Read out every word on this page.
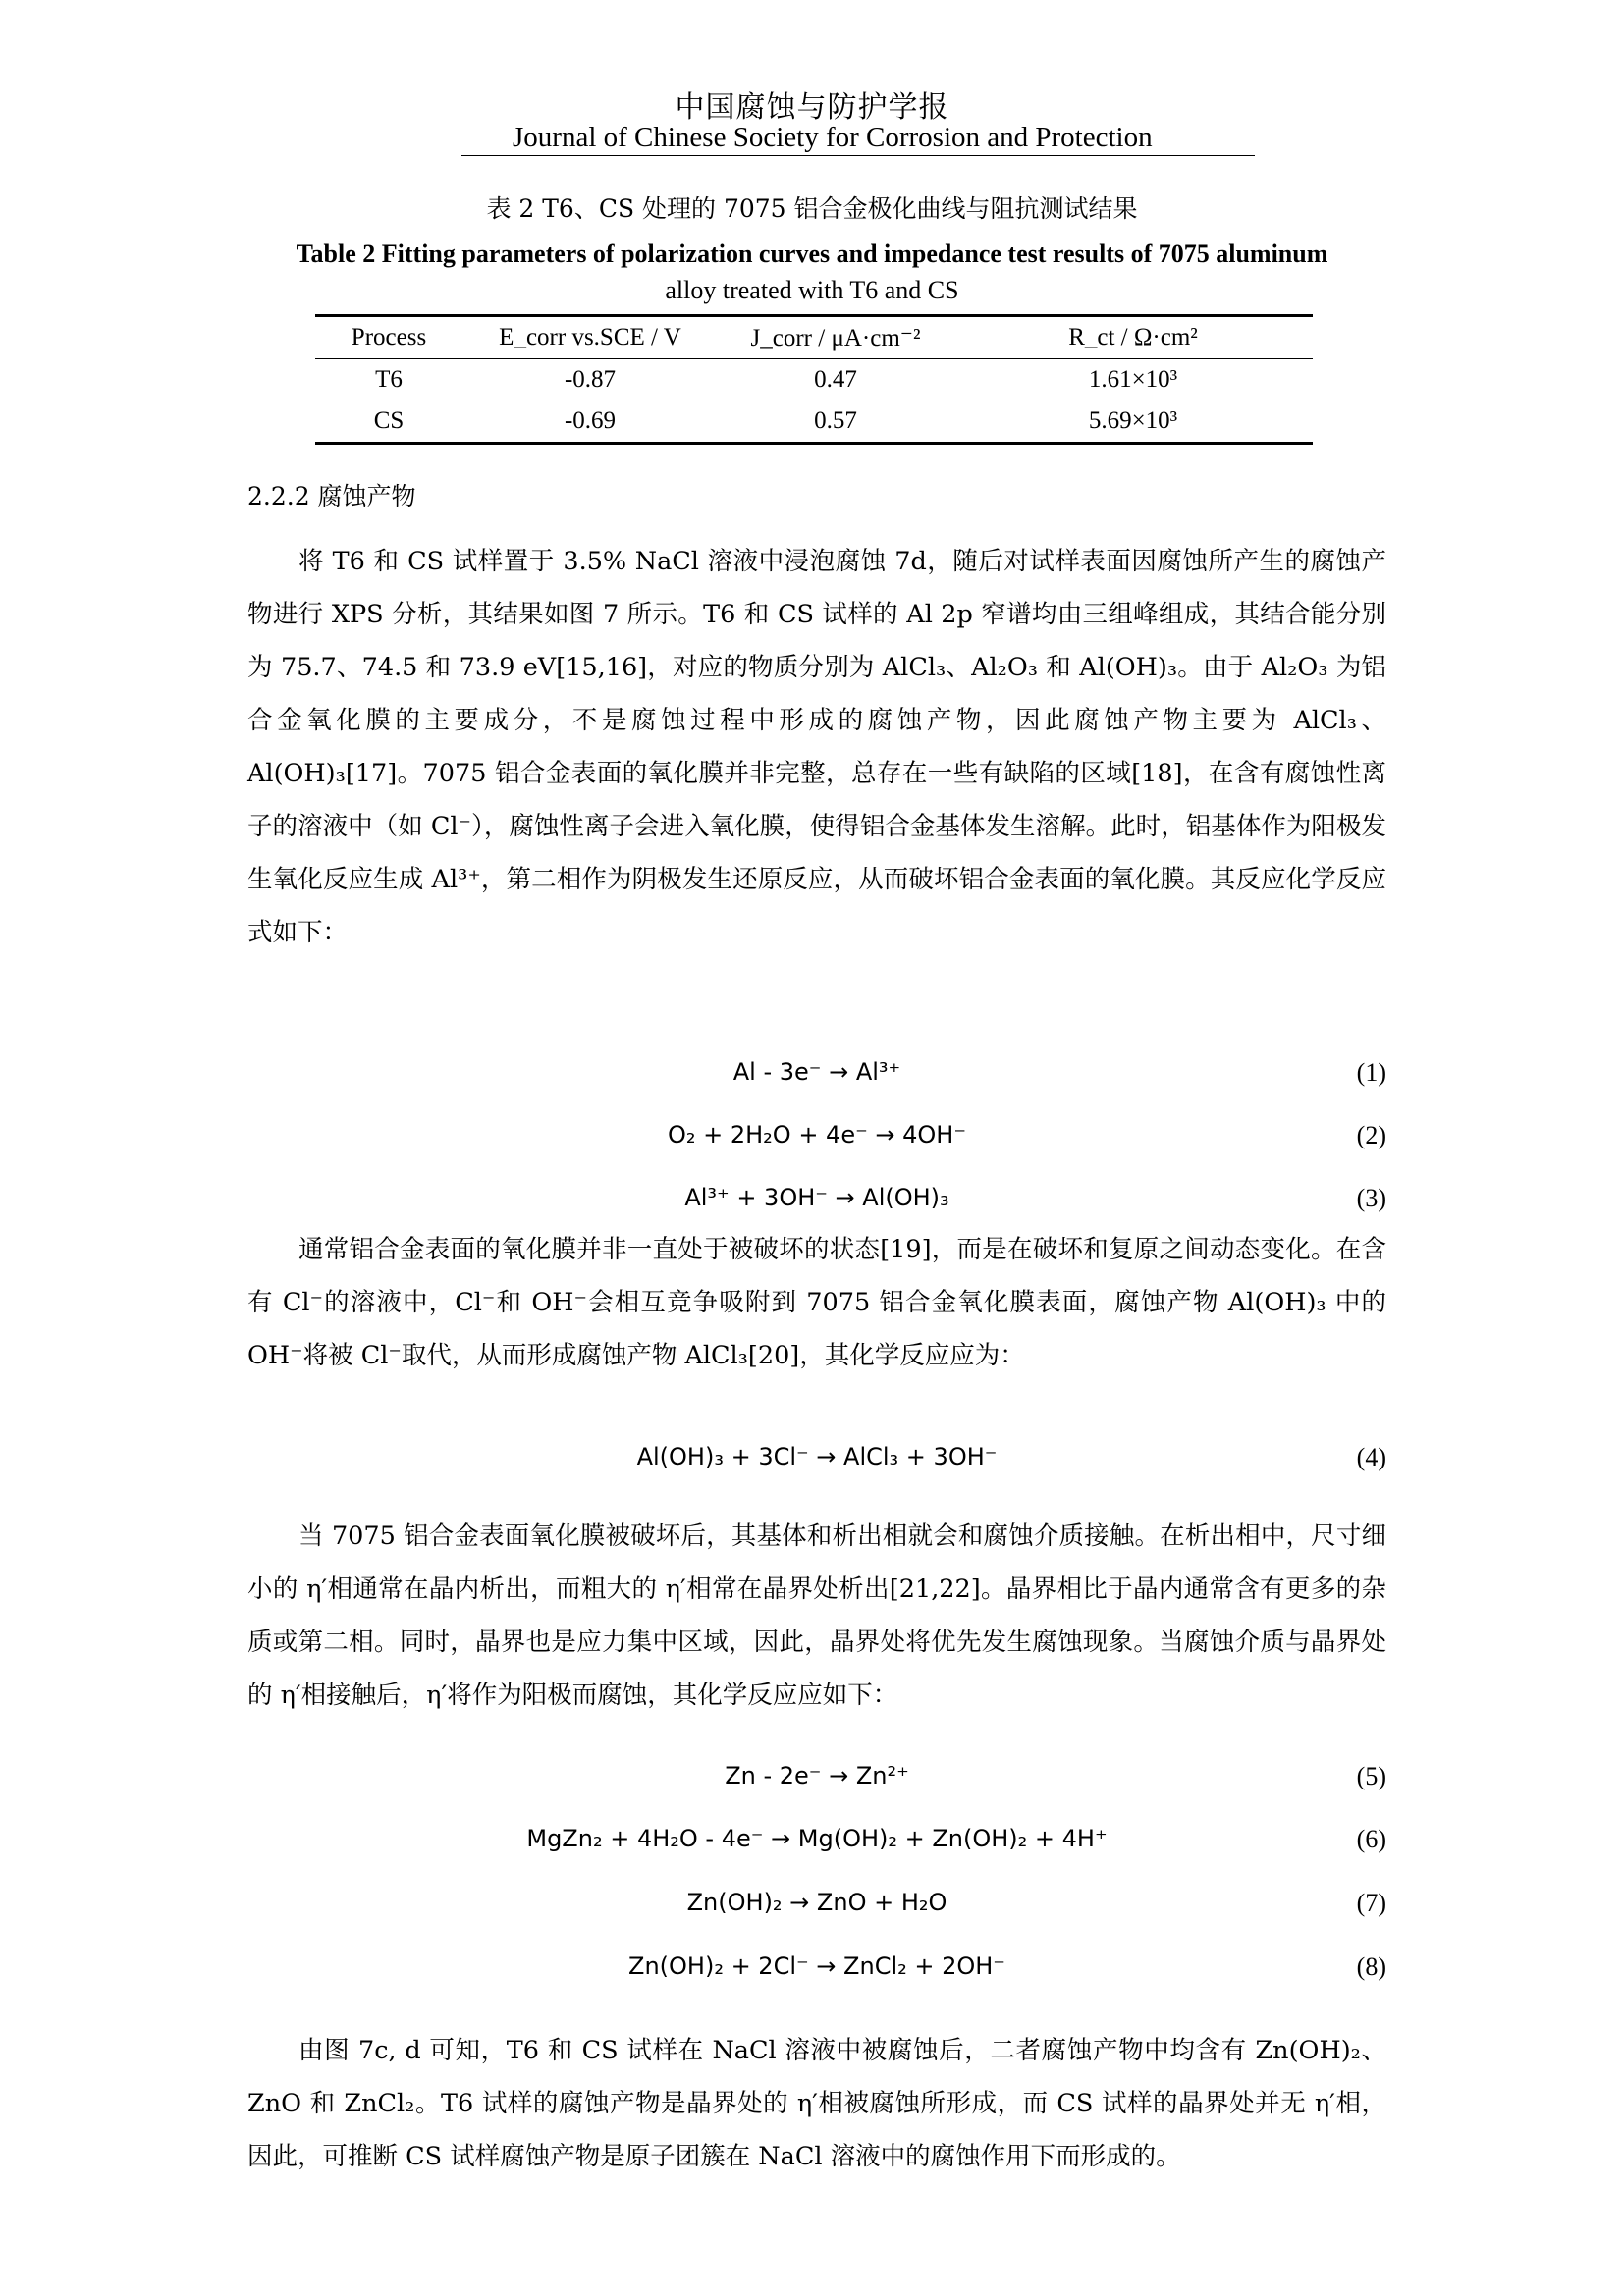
中国腐蚀与防护学报
Journal of Chinese Society for Corrosion and Protection
表 2 T6、CS 处理的 7075 铝合金极化曲线与阻抗测试结果
Table 2 Fitting parameters of polarization curves and impedance test results of 7075 aluminum
alloy treated with T6 and CS
Process	E_corr vs.SCE / V	J_corr / μA·cm⁻²	R_ct / Ω·cm²
T6	-0.87	0.47	1.61×10³
CS	-0.69	0.57	5.69×10³
2.2.2 腐蚀产物

将 T6 和 CS 试样置于 3.5% NaCl 溶液中浸泡腐蚀 7d，随后对试样表面因腐蚀所产生的腐蚀产物进行 XPS 分析，其结果如图 7 所示。T6 和 CS 试样的 Al 2p 窄谱均由三组峰组成，其结合能分别为 75.7、74.5 和 73.9 eV[15,16]，对应的物质分别为 AlCl₃、Al₂O₃ 和 Al(OH)₃。由于 Al₂O₃ 为铝合金氧化膜的主要成分，不是腐蚀过程中形成的腐蚀产物，因此腐蚀产物主要为 AlCl₃、Al(OH)₃[17]。7075 铝合金表面的氧化膜并非完整，总存在一些有缺陷的区域[18]，在含有腐蚀性离子的溶液中（如 Cl⁻），腐蚀性离子会进入氧化膜，使得铝合金基体发生溶解。此时，铝基体作为阳极发生氧化反应生成 Al³⁺，第二相作为阴极发生还原反应，从而破坏铝合金表面的氧化膜。其反应化学反应式如下：

Al - 3e⁻ → Al³⁺	(1)
O₂ + 2H₂O + 4e⁻ → 4OH⁻	(2)
Al³⁺ + 3OH⁻ → Al(OH)₃	(3)

通常铝合金表面的氧化膜并非一直处于被破坏的状态[19]，而是在破坏和复原之间动态变化。在含有 Cl⁻的溶液中，Cl⁻和 OH⁻会相互竞争吸附到 7075 铝合金氧化膜表面，腐蚀产物 Al(OH)₃ 中的 OH⁻将被 Cl⁻取代，从而形成腐蚀产物 AlCl₃[20]，其化学反应应为：

Al(OH)₃ + 3Cl⁻ → AlCl₃ + 3OH⁻	(4)

当 7075 铝合金表面氧化膜被破坏后，其基体和析出相就会和腐蚀介质接触。在析出相中，尺寸细小的 η′相通常在晶内析出，而粗大的 η′相常在晶界处析出[21,22]。晶界相比于晶内通常含有更多的杂质或第二相。同时，晶界也是应力集中区域，因此，晶界处将优先发生腐蚀现象。当腐蚀介质与晶界处的 η′相接触后，η′将作为阳极而腐蚀，其化学反应应如下：

Zn - 2e⁻ → Zn²⁺	(5)
MgZn₂ + 4H₂O - 4e⁻ → Mg(OH)₂ + Zn(OH)₂ + 4H⁺	(6)
Zn(OH)₂ → ZnO + H₂O	(7)
Zn(OH)₂ + 2Cl⁻ → ZnCl₂ + 2OH⁻	(8)

由图 7c, d 可知，T6 和 CS 试样在 NaCl 溶液中被腐蚀后，二者腐蚀产物中均含有 Zn(OH)₂、ZnO 和 ZnCl₂。T6 试样的腐蚀产物是晶界处的 η′相被腐蚀所形成，而 CS 试样的晶界处并无 η′相，因此，可推断 CS 试样腐蚀产物是原子团簇在 NaCl 溶液中的腐蚀作用下而形成的。
